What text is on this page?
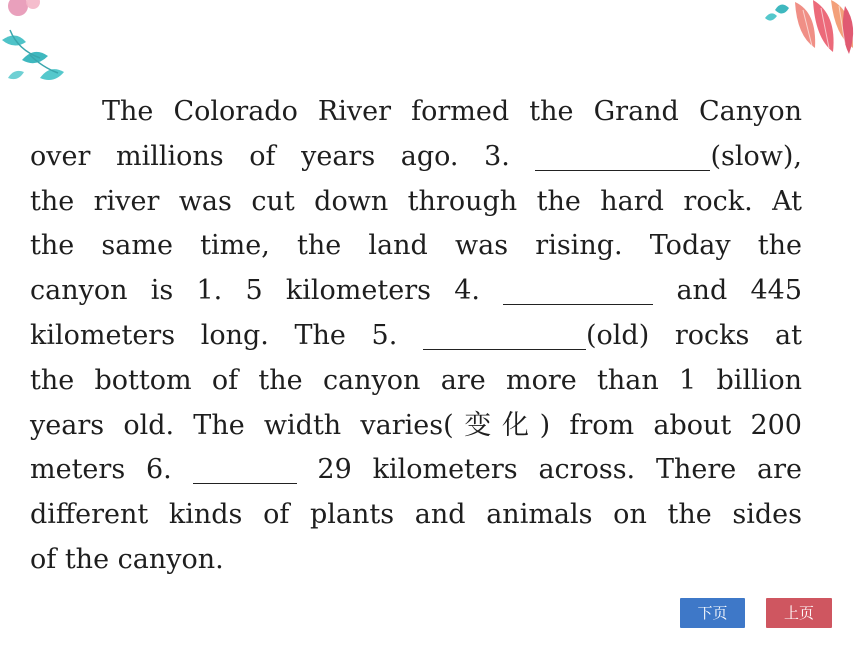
The Colorado River formed the Grand Canyon
over millions of years ago. 3.	(slow),
the river was cut down through the hard rock. At
the same time, the land was rising. Today the
canyon is 1. 5 kilometers 4.	and 445
kilometers long. The 5.	(old) rocks at
the bottom of the canyon are more than 1 billion
years old. The width varies(变化) from about 200
meters 6.	29 kilometers across. There are
different kinds of plants and animals on the sides
of the canyon.
下页	上页
